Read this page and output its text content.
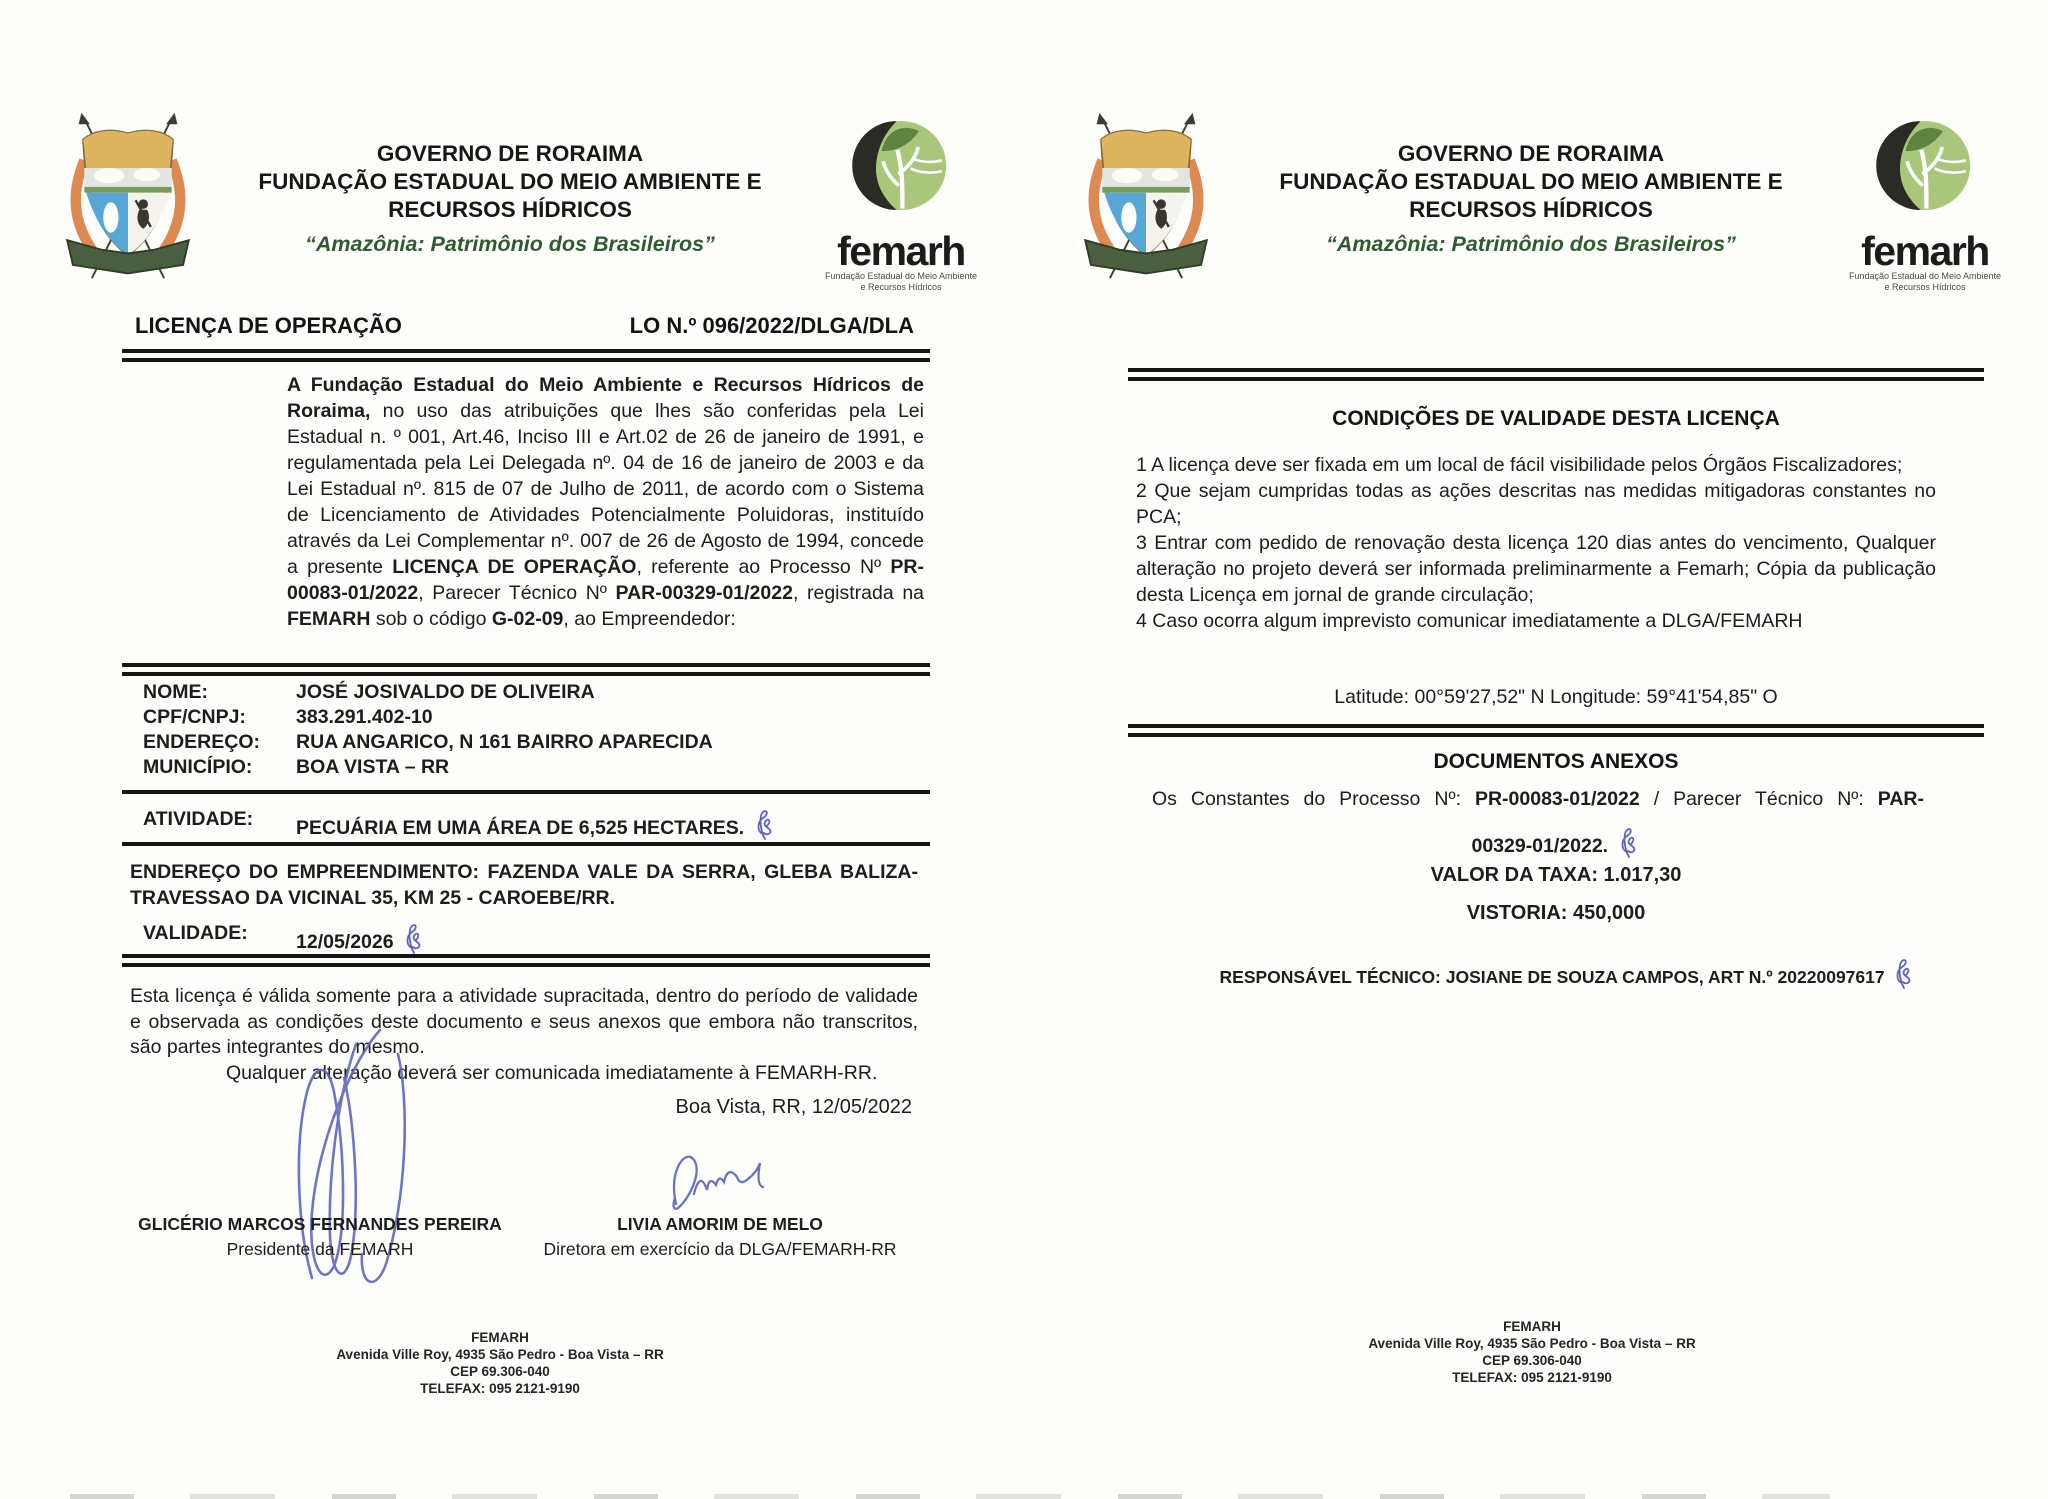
GOVERNO DE RORAIMA
FUNDAÇÃO ESTADUAL DO MEIO AMBIENTE E
RECURSOS HÍDRICOS
“Amazônia: Patrimônio dos Brasileiros”	femarh
Fundação Estadual do Meio Ambiente
e Recursos Hídricos
LICENÇA DE OPERAÇÃO	LO N.º 096/2022/DLGA/DLA
A Fundação Estadual do Meio Ambiente e Recursos Hídricos de Roraima, no uso das atribuições que lhes são conferidas pela Lei Estadual n. º 001, Art.46, Inciso III e Art.02 de 26 de janeiro de 1991, e regulamentada pela Lei Delegada nº. 04 de 16 de janeiro de 2003 e da Lei Estadual nº. 815 de 07 de Julho de 2011, de acordo com o Sistema de Licenciamento de Atividades Potencialmente Poluidoras, instituído através da Lei Complementar nº. 007 de 26 de Agosto de 1994, concede a presente LICENÇA DE OPERAÇÃO, referente ao Processo Nº PR-00083-01/2022, Parecer Técnico Nº PAR-00329-01/2022, registrada na FEMARH sob o código G-02-09, ao Empreendedor:
NOME:	JOSÉ JOSIVALDO DE OLIVEIRA
CPF/CNPJ:	383.291.402-10
ENDEREÇO:	RUA ANGARICO, N 161 BAIRRO APARECIDA
MUNICÍPIO:	BOA VISTA – RR
ATIVIDADE:	PECUÁRIA EM UMA ÁREA DE 6,525 HECTARES.
ENDEREÇO DO EMPREENDIMENTO: FAZENDA VALE DA SERRA, GLEBA BALIZA-TRAVESSAO DA VICINAL 35, KM 25 - CAROEBE/RR.
VALIDADE:	12/05/2026
Esta licença é válida somente para a atividade supracitada, dentro do período de validade e observada as condições deste documento e seus anexos que embora não transcritos, são partes integrantes do mesmo.
Qualquer alteração deverá ser comunicada imediatamente à FEMARH-RR.
Boa Vista, RR, 12/05/2022
GLICÉRIO MARCOS FERNANDES PEREIRA
Presidente da FEMARH
LIVIA AMORIM DE MELO
Diretora em exercício da DLGA/FEMARH-RR
FEMARH
Avenida Ville Roy, 4935 São Pedro - Boa Vista – RR
CEP 69.306-040
TELEFAX: 095 2121-9190
GOVERNO DE RORAIMA
FUNDAÇÃO ESTADUAL DO MEIO AMBIENTE E
RECURSOS HÍDRICOS
“Amazônia: Patrimônio dos Brasileiros”	femarh
Fundação Estadual do Meio Ambiente
e Recursos Hídricos
CONDIÇÕES DE VALIDADE DESTA LICENÇA
1 A licença deve ser fixada em um local de fácil visibilidade pelos Órgãos Fiscalizadores;
2 Que sejam cumpridas todas as ações descritas nas medidas mitigadoras constantes no PCA;
3 Entrar com pedido de renovação desta licença 120 dias antes do vencimento, Qualquer alteração no projeto deverá ser informada preliminarmente a Femarh; Cópia da publicação desta Licença em jornal de grande circulação;
4 Caso ocorra algum imprevisto comunicar imediatamente a DLGA/FEMARH
Latitude: 00°59'27,52" N Longitude: 59°41'54,85" O
DOCUMENTOS ANEXOS
Os Constantes do Processo Nº: PR-00083-01/2022 / Parecer Técnico Nº: PAR-
00329-01/2022.
VALOR DA TAXA: 1.017,30
VISTORIA: 450,000
RESPONSÁVEL TÉCNICO: JOSIANE DE SOUZA CAMPOS, ART N.º 20220097617
FEMARH
Avenida Ville Roy, 4935 São Pedro - Boa Vista – RR
CEP 69.306-040
TELEFAX: 095 2121-9190
